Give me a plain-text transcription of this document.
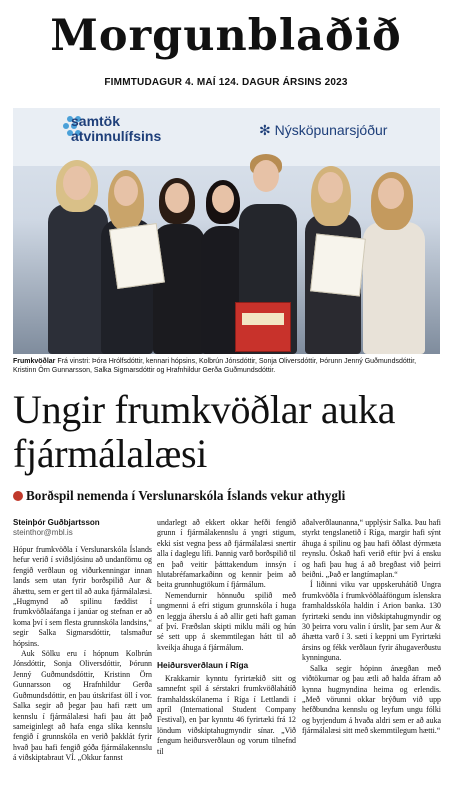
Morgunblaðið
FIMMTUDAGUR 4. MAÍ 124. DAGUR ÁRSINS 2023
samtök
atvinnulífsins	✻ Nýsköpunarsjóður
Frumkvöðlar Frá vinstri: Þóra Hrólfsdóttir, kennari hópsins, Kolbrún Jónsdóttir, Sonja Oliversdóttir, Þórunn Jenný Guðmundsdóttir, Kristinn Örn Gunnarsson, Salka Sigmarsdóttir og Hrafnhildur Gerða Guðmundsdóttir.
Ungir frumkvöðlar auka fjármálalæsi
Borðspil nemenda í Verslunarskóla Íslands vekur athygli
Steinþór Guðbjartsson
steinthor@mbl.is

Hópur frumkvöðla í Verslunarskóla Íslands hefur verið í sviðsljósinu að undanförnu og fengið verðlaun og viðurkenningar innan lands sem utan fyrir borðspilið Aur & áhættu, sem er gert til að auka fjármálalæsi. „Hugmynd að spilinu fæddist í frumkvöðlaáfanga í janúar og stefnan er að koma því í sem flesta grunnskóla landsins,“ segir Salka Sigmarsdóttir, talsmaður hópsins.

Auk Sölku eru í hópnum Kolbrún Jónsdóttir, Sonja Oliversdóttir, Þórunn Jenný Guðmundsdóttir, Kristinn Örn Gunnarsson og Hrafnhildur Gerða Guðmundsdóttir, en þau útskrifast öll í vor. Salka segir að þegar þau hafi rætt um kennslu í fjármálalæsi hafi þau átt það sameiginlegt að hafa enga slíka kennslu fengið í grunnskóla en verið þakklát fyrir hvað þau hafi fengið góða fjármálakennslu á viðskiptabraut VÍ. „Okkur fannst

undarlegt að ekkert okkar hefði fengið grunn í fjármálakennslu á yngri stigum, ekki síst vegna þess að fjármálalæsi snertir alla í daglegu lífi. Þannig varð borðspilið til en það veitir þátttakendum innsýn í hlutabréfamarkaðinn og kennir þeim að beita grunnhugtökum í fjármálum.

Nemendurnir hönnuðu spilið með ungmenni á efri stigum grunnskóla í huga en leggja áherslu á að allir geti haft gaman af því. Fræðslan skipti miklu máli og hún sé sett upp á skemmtilegan hátt til að kveikja áhuga á fjármálum.

Heiðursverðlaun í Ríga

Krakkarnir kynntu fyrirtækið sitt og samnefnt spil á sérstakri frumkvöðlahátíð framhaldsskólanema í Ríga í Lettlandi í apríl (International Student Company Festival), en þar kynntu 46 fyrirtæki frá 12 löndum viðskiptahugmyndir sínar. „Við fengum heiðursverðlaun og vorum tilnefnd til

aðalverðlaunanna,“ upplýsir Salka. Þau hafi styrkt tengslanetið í Ríga, margir hafi sýnt áhuga á spilinu og þau hafi öðlast dýrmæta reynslu. Óskað hafi verið eftir því á ensku og hafi þau hug á að bregðast við þeirri beiðni. „Það er langtímaplan.“

Í liðinni viku var uppskeruhátíð Ungra frumkvöðla í frumkvöðlaáföngum íslenskra framhaldsskóla haldin í Arion banka. 130 fyrirtæki sendu inn viðskiptahugmyndir og 30 þeirra voru valin í úrslit, þar sem Aur & áhætta varð í 3. sæti í keppni um Fyrirtæki ársins og fékk verðlaun fyrir áhugaverðustu kynninguna.

Salka segir hópinn ánægðan með viðtökurnar og þau ætli að halda áfram að kynna hugmyndina heima og erlendis. „Með vörunni okkar brýðum við upp hefðbundna kennslu og leyfum ungu fólki og byrjendum á hvaða aldri sem er að auka fjármálalæsi sitt með skemmtilegum hætti.“
